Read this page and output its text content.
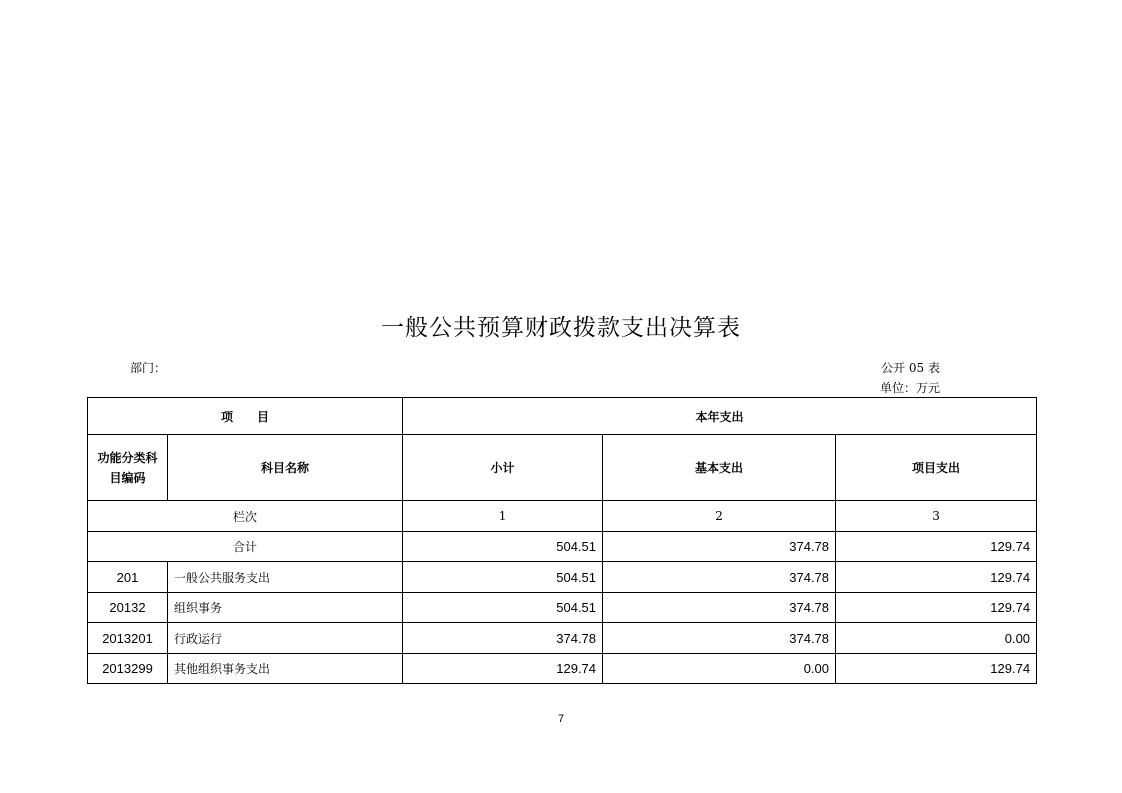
一般公共预算财政拨款支出决算表
部门：	公开 05 表
单位：万元
项　　目		本年支出		
功能分类科目编码	科目名称	小计	基本支出	项目支出
栏次		1	2	3
合计		504.51	374.78	129.74
201	一般公共服务支出	504.51	374.78	129.74
20132	组织事务	504.51	374.78	129.74
2013201	行政运行	374.78	374.78	0.00
2013299	其他组织事务支出	129.74	0.00	129.74
7
